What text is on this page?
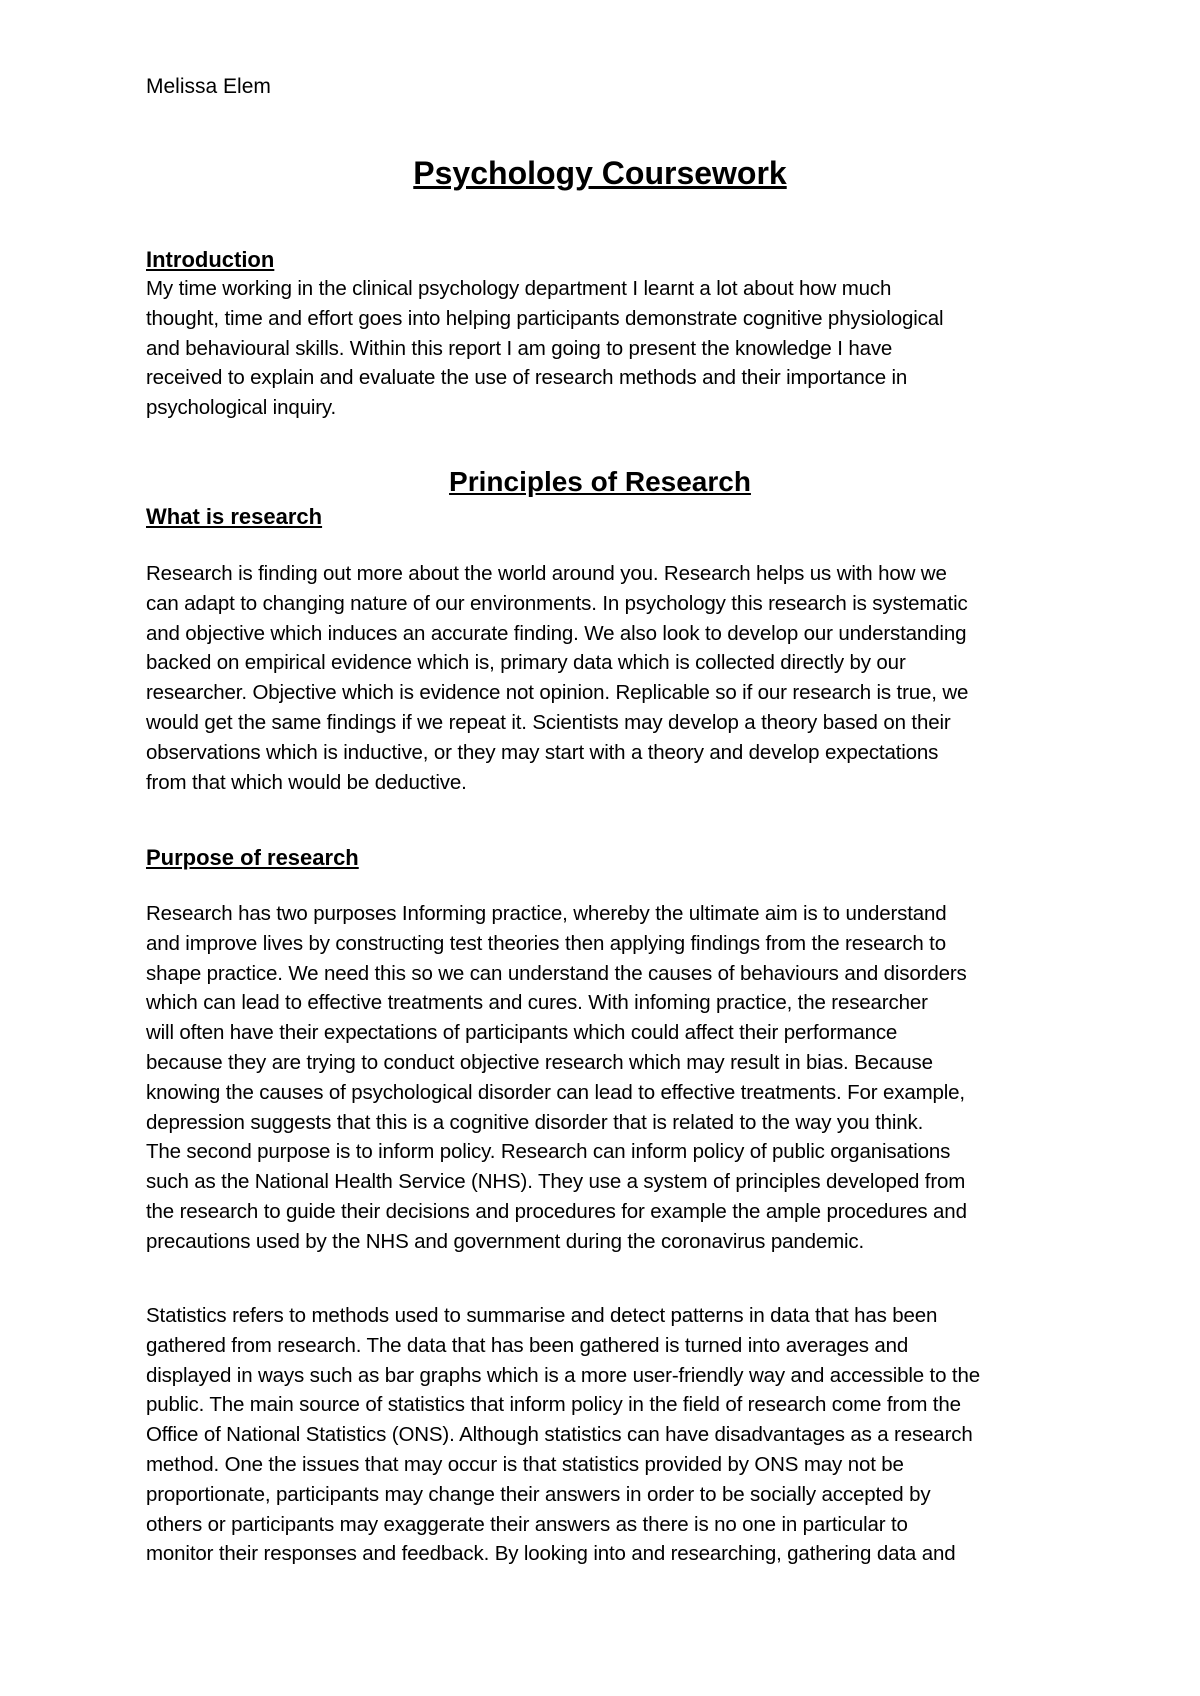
Melissa Elem

Psychology Coursework
Introduction

My time working in the clinical psychology department I learnt a lot about how much

thought, time and effort goes into helping participants demonstrate cognitive physiological

and behavioural skills. Within this report I am going to present the knowledge I have

received to explain and evaluate the use of research methods and their importance in

psychological inquiry.

Principles of Research
What is research

Research is finding out more about the world around you. Research helps us with how we

can adapt to changing nature of our environments. In psychology this research is systematic

and objective which induces an accurate finding. We also look to develop our understanding

backed on empirical evidence which is, primary data which is collected directly by our

researcher. Objective which is evidence not opinion. Replicable so if our research is true, we

would get the same findings if we repeat it. Scientists may develop a theory based on their

observations which is inductive, or they may start with a theory and develop expectations

from that which would be deductive.

Purpose of research

Research has two purposes Informing practice, whereby the ultimate aim is to understand

and improve lives by constructing test theories then applying findings from the research to

shape practice. We need this so we can understand the causes of behaviours and disorders

which can lead to effective treatments and cures. With infoming practice, the researcher

will often have their expectations of participants which could affect their performance

because they are trying to conduct objective research which may result in bias. Because

knowing the causes of psychological disorder can lead to effective treatments. For example,

depression suggests that this is a cognitive disorder that is related to the way you think.

The second purpose is to inform policy. Research can inform policy of public organisations

such as the National Health Service (NHS). They use a system of principles developed from

the research to guide their decisions and procedures for example the ample procedures and

precautions used by the NHS and government during the coronavirus pandemic.

Statistics refers to methods used to summarise and detect patterns in data that has been

gathered from research. The data that has been gathered is turned into averages and

displayed in ways such as bar graphs which is a more user-friendly way and accessible to the

public. The main source of statistics that inform policy in the field of research come from the

Office of National Statistics (ONS). Although statistics can have disadvantages as a research

method. One the issues that may occur is that statistics provided by ONS may not be

proportionate, participants may change their answers in order to be socially accepted by

others or participants may exaggerate their answers as there is no one in particular to

monitor their responses and feedback. By looking into and researching, gathering data and
